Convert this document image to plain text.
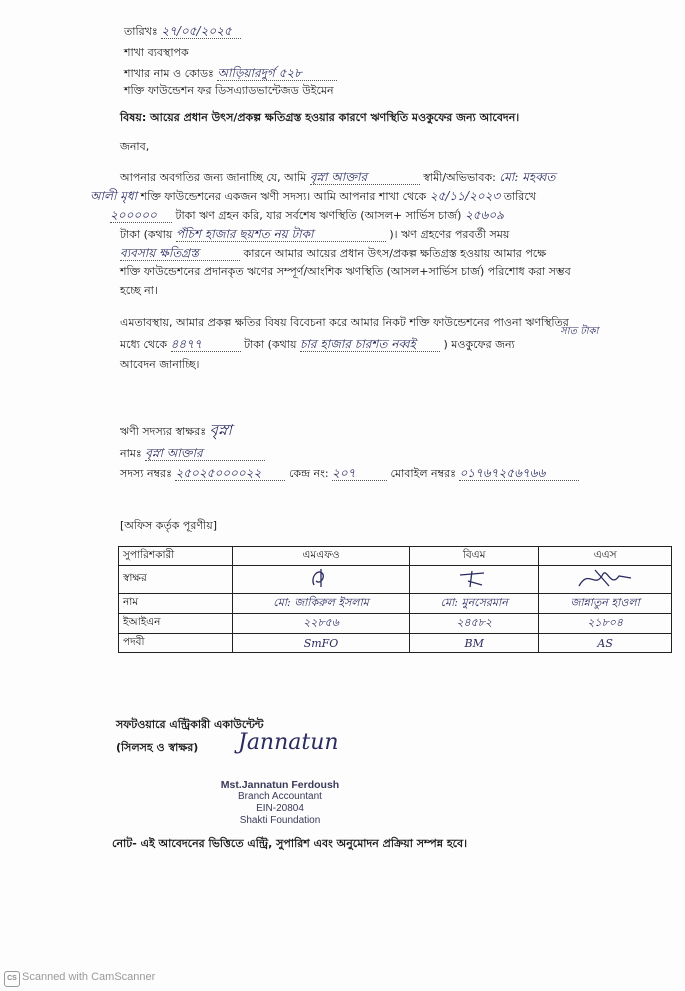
তারিখঃ ২৭/০৫/২০২৫
শাখা ব্যবস্থাপক
শাখার নাম ও কোডঃ আড়িয়ারদুর্গ ৫২৮
শক্তি ফাউন্ডেশন ফর ডিসএ্যাডভান্টেজড উইমেন
বিষয়: আয়ের প্রধান উৎস/প্রকল্প ক্ষতিগ্রস্ত হওয়ার কারণে ঋণস্থিতি মওকুফের জন্য আবেদন।
জনাব,
আপনার অবগতির জন্য জানাচ্ছি যে, আমি বৃস্না আক্তার	স্বামী/অভিভাবক: মো: মহব্বত
আলী মৃধা শক্তি ফাউন্ডেশনের একজন ঋণী সদস্য। আমি আপনার শাখা থেকে ২৫/১১/২০২৩ তারিখে
২০০০০০ টাকা ঋণ গ্রহন করি, যার সর্বশেষ ঋণস্থিতি (আসল+ সার্ভিস চার্জ) ২৫৬০৯
টাকা (কথায় পঁচিশ হাজার ছয়শত নয় টাকা	)। ঋণ গ্রহণের পরবর্তী সময়
ব্যবসায় ক্ষতিগ্রস্ত	কারনে আমার আয়ের প্রধান উৎস/প্রকল্প ক্ষতিগ্রস্ত হওয়ায় আমার পক্ষে
শক্তি ফাউন্ডেশনের প্রদানকৃত ঋণের সম্পূর্ণ/আংশিক ঋণস্থিতি (আসল+সার্ভিস চার্জ) পরিশোধ করা সম্ভব
হচ্ছে না।
এমতাবস্থায়, আমার প্রকল্প ক্ষতির বিষয় বিবেচনা করে আমার নিকট শক্তি ফাউন্ডেশনের পাওনা ঋণস্থিতির
মধ্যে থেকে ৪৪৭৭	টাকা (কথায় চার হাজার চারশত নব্বই	) মওকুফের জন্য
সাত টাকা
আবেদন জানাচ্ছি।
ঋণী সদস্যর স্বাক্ষরঃ বৃস্না
নামঃ বৃস্না আক্তার
সদস্য নম্বরঃ ২৫০২৫০০০০২২	কেন্দ্র নং: ২০৭	মোবাইল নম্বরঃ ০১৭৬৭২৫৬৭৬৬
[অফিস কর্তৃক পূরণীয়]
সুপারিশকারী	এমএফও	বিএম	এএস
স্বাক্ষর			
নাম	মো: জাকিরুল ইসলাম	মো: মুনসেরমান	জান্নাতুন হাওলা
ইআইএন	২২৮৫৬	২৪৫৮২	২১৮০৪
পদবী	SmFO	BM	AS
সফটওয়ারে এন্ট্রিকারী একাউন্টেন্ট
(সিলসহ ও স্বাক্ষর) Jannatun
Mst.Jannatun Ferdoush
Branch Accountant
EIN-20804
Shakti Foundation
নোট- এই আবেদনের ভিত্তিতে এন্ট্রি, সুপারিশ এবং অনুমোদন প্রক্রিয়া সম্পন্ন হবে।
CS Scanned with CamScanner
